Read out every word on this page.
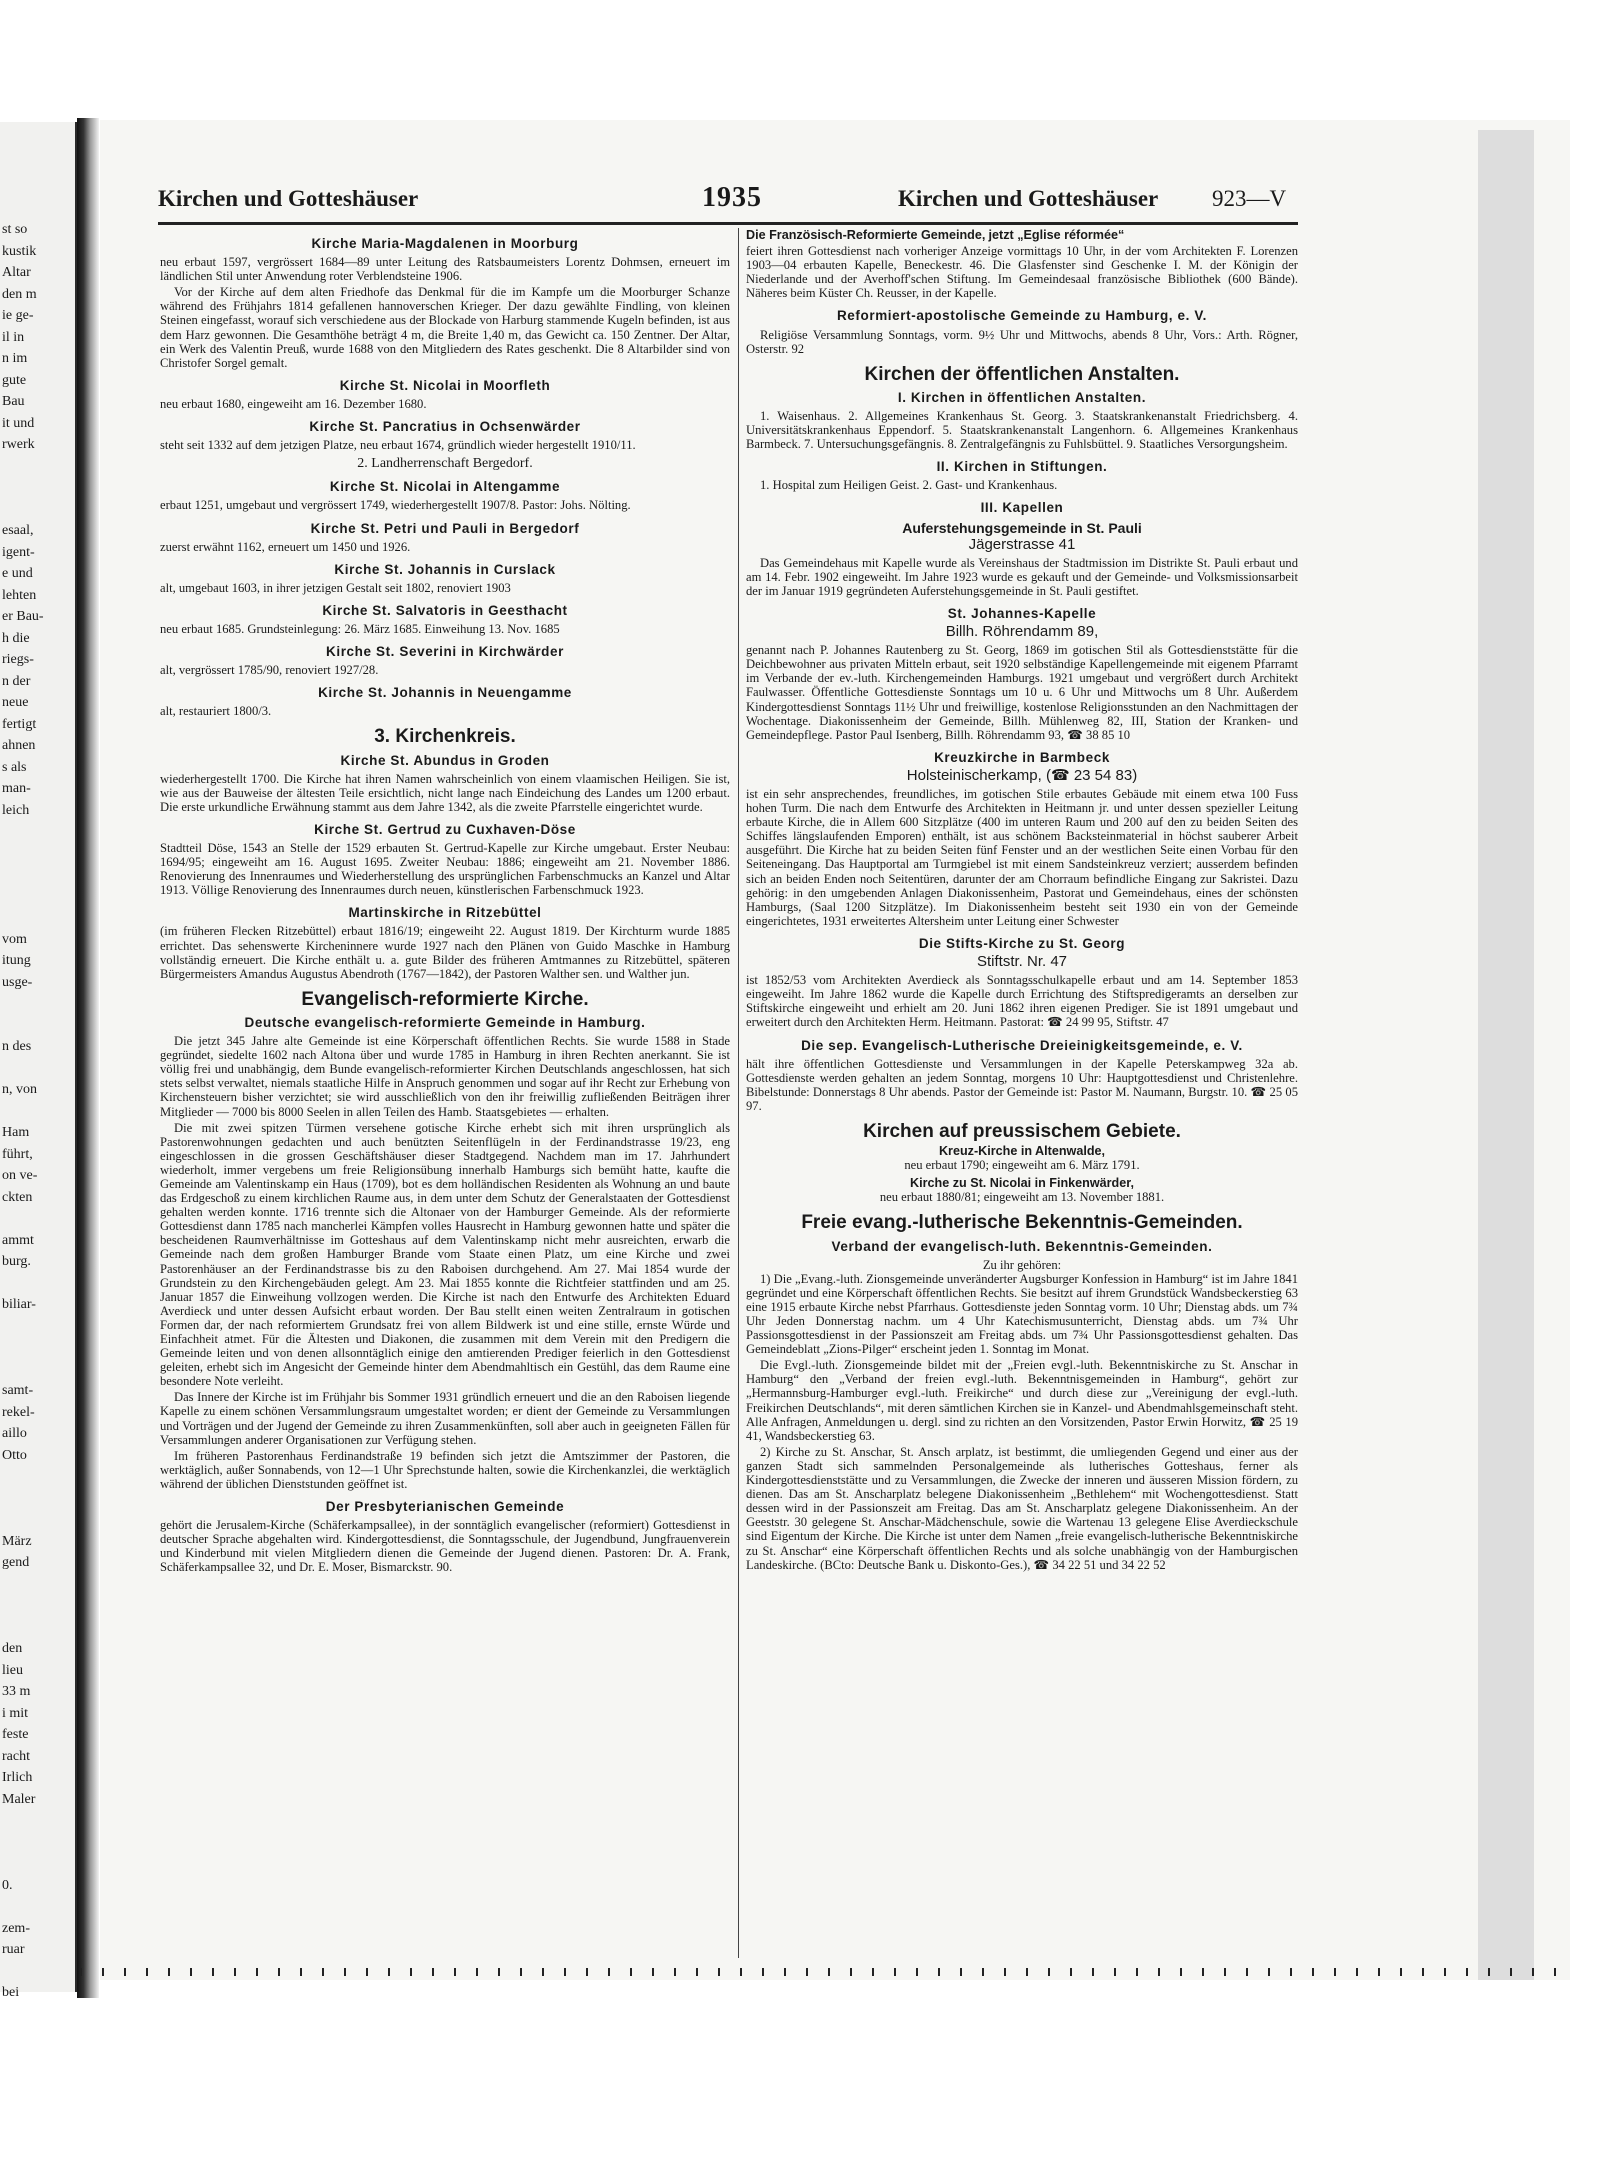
st so
kustik
Altar
den m
ie ge-
il in
n im
gute
Bau
it und
rwerk
esaal,
igent-
e und
lehten
er Bau-
h die
riegs-
n der
neue
fertigt
ahnen
s als
man-
leich
vom
itung
usge-
n des
n, von
Ham
führt,
on ve-
ckten
ammt
burg.
biliar-
samt-
rekel-
aillo
Otto
März
gend
den
lieu
33 m
i mit
feste
racht
Irlich
Maler
0.
zem-
ruar
bei
Kirchen und Gotteshäuser	1935	Kirchen und Gotteshäuser 923—V
Kirche Maria-Magdalenen in Moorburg

neu erbaut 1597, vergrössert 1684—89 unter Leitung des Ratsbaumeisters Lorentz Dohmsen, erneuert im ländlichen Stil unter Anwendung roter Verblendsteine 1906.

Vor der Kirche auf dem alten Friedhofe das Denkmal für die im Kampfe um die Moorburger Schanze während des Frühjahrs 1814 gefallenen hannoverschen Krieger. Der dazu gewählte Findling, von kleinen Steinen eingefasst, worauf sich verschiedene aus der Blockade von Harburg stammende Kugeln befinden, ist aus dem Harz gewonnen. Die Gesamthöhe beträgt 4 m, die Breite 1,40 m, das Gewicht ca. 150 Zentner. Der Altar, ein Werk des Valentin Preuß, wurde 1688 von den Mitgliedern des Rates geschenkt. Die 8 Altarbilder sind von Christofer Sorgel gemalt.

Kirche St. Nicolai in Moorfleth

neu erbaut 1680, eingeweiht am 16. Dezember 1680.

Kirche St. Pancratius in Ochsenwärder

steht seit 1332 auf dem jetzigen Platze, neu erbaut 1674, gründlich wieder hergestellt 1910/11.

2. Landherrenschaft Bergedorf.
Kirche St. Nicolai in Altengamme

erbaut 1251, umgebaut und vergrössert 1749, wiederhergestellt 1907/8. Pastor: Johs. Nölting.

Kirche St. Petri und Pauli in Bergedorf

zuerst erwähnt 1162, erneuert um 1450 und 1926.

Kirche St. Johannis in Curslack

alt, umgebaut 1603, in ihrer jetzigen Gestalt seit 1802, renoviert 1903

Kirche St. Salvatoris in Geesthacht

neu erbaut 1685. Grundsteinlegung: 26. März 1685. Einweihung 13. Nov. 1685

Kirche St. Severini in Kirchwärder

alt, vergrössert 1785/90, renoviert 1927/28.

Kirche St. Johannis in Neuengamme

alt, restauriert 1800/3.

3. Kirchenkreis.
Kirche St. Abundus in Groden

wiederhergestellt 1700. Die Kirche hat ihren Namen wahrscheinlich von einem vlaamischen Heiligen. Sie ist, wie aus der Bauweise der ältesten Teile ersichtlich, nicht lange nach Eindeichung des Landes um 1200 erbaut. Die erste urkundliche Erwähnung stammt aus dem Jahre 1342, als die zweite Pfarrstelle eingerichtet wurde.

Kirche St. Gertrud zu Cuxhaven-Döse

Stadtteil Döse, 1543 an Stelle der 1529 erbauten St. Gertrud-Kapelle zur Kirche umgebaut. Erster Neubau: 1694/95; eingeweiht am 16. August 1695. Zweiter Neubau: 1886; eingeweiht am 21. November 1886. Renovierung des Innenraumes und Wiederherstellung des ursprünglichen Farbenschmucks an Kanzel und Altar 1913. Völlige Renovierung des Innenraumes durch neuen, künstlerischen Farbenschmuck 1923.

Martinskirche in Ritzebüttel

(im früheren Flecken Ritzebüttel) erbaut 1816/19; eingeweiht 22. August 1819. Der Kirchturm wurde 1885 errichtet. Das sehenswerte Kircheninnere wurde 1927 nach den Plänen von Guido Maschke in Hamburg vollständig erneuert. Die Kirche enthält u. a. gute Bilder des früheren Amtmannes zu Ritzebüttel, späteren Bürgermeisters Amandus Augustus Abendroth (1767—1842), der Pastoren Walther sen. und Walther jun.

Evangelisch-reformierte Kirche.
Deutsche evangelisch-reformierte Gemeinde in Hamburg.

Die jetzt 345 Jahre alte Gemeinde ist eine Körperschaft öffentlichen Rechts. Sie wurde 1588 in Stade gegründet, siedelte 1602 nach Altona über und wurde 1785 in Hamburg in ihren Rechten anerkannt. Sie ist völlig frei und unabhängig, dem Bunde evangelisch-reformierter Kirchen Deutschlands angeschlossen, hat sich stets selbst verwaltet, niemals staatliche Hilfe in Anspruch genommen und sogar auf ihr Recht zur Erhebung von Kirchensteuern bisher verzichtet; sie wird ausschließlich von den ihr freiwillig zufließenden Beiträgen ihrer Mitglieder — 7000 bis 8000 Seelen in allen Teilen des Hamb. Staatsgebietes — erhalten.

Die mit zwei spitzen Türmen versehene gotische Kirche erhebt sich mit ihren ursprünglich als Pastorenwohnungen gedachten und auch benützten Seitenflügeln in der Ferdinandstrasse 19/23, eng eingeschlossen in die grossen Geschäftshäuser dieser Stadtgegend. Nachdem man im 17. Jahrhundert wiederholt, immer vergebens um freie Religionsübung innerhalb Hamburgs sich bemüht hatte, kaufte die Gemeinde am Valentinskamp ein Haus (1709), bot es dem holländischen Residenten als Wohnung an und baute das Erdgeschoß zu einem kirchlichen Raume aus, in dem unter dem Schutz der Generalstaaten der Gottesdienst gehalten werden konnte. 1716 trennte sich die Altonaer von der Hamburger Gemeinde. Als der reformierte Gottesdienst dann 1785 nach mancherlei Kämpfen volles Hausrecht in Hamburg gewonnen hatte und später die bescheidenen Raumverhältnisse im Gotteshaus auf dem Valentinskamp nicht mehr ausreichten, erwarb die Gemeinde nach dem großen Hamburger Brande vom Staate einen Platz, um eine Kirche und zwei Pastorenhäuser an der Ferdinandstrasse bis zu den Raboisen durchgehend. Am 27. Mai 1854 wurde der Grundstein zu den Kirchengebäuden gelegt. Am 23. Mai 1855 konnte die Richtfeier stattfinden und am 25. Januar 1857 die Einweihung vollzogen werden. Die Kirche ist nach den Entwurfe des Architekten Eduard Averdieck und unter dessen Aufsicht erbaut worden. Der Bau stellt einen weiten Zentralraum in gotischen Formen dar, der nach reformiertem Grundsatz frei von allem Bildwerk ist und eine stille, ernste Würde und Einfachheit atmet. Für die Ältesten und Diakonen, die zusammen mit dem Verein mit den Predigern die Gemeinde leiten und von denen allsonntäglich einige den amtierenden Prediger feierlich in den Gottesdienst geleiten, erhebt sich im Angesicht der Gemeinde hinter dem Abendmahltisch ein Gestühl, das dem Raume eine besondere Note verleiht.

Das Innere der Kirche ist im Frühjahr bis Sommer 1931 gründlich erneuert und die an den Raboisen liegende Kapelle zu einem schönen Versammlungsraum umgestaltet worden; er dient der Gemeinde zu Versammlungen und Vorträgen und der Jugend der Gemeinde zu ihren Zusammenkünften, soll aber auch in geeigneten Fällen für Versammlungen anderer Organisationen zur Verfügung stehen.

Im früheren Pastorenhaus Ferdinandstraße 19 befinden sich jetzt die Amtszimmer der Pastoren, die werktäglich, außer Sonnabends, von 12—1 Uhr Sprechstunde halten, sowie die Kirchenkanzlei, die werktäglich während der üblichen Dienststunden geöffnet ist.

Der Presbyterianischen Gemeinde

gehört die Jerusalem-Kirche (Schäferkampsallee), in der sonntäglich evangelischer (reformiert) Gottesdienst in deutscher Sprache abgehalten wird. Kindergottesdienst, die Sonntagsschule, der Jugendbund, Jungfrauenverein und Kinderbund mit vielen Mitgliedern dienen die Gemeinde der Jugend dienen. Pastoren: Dr. A. Frank, Schäferkampsallee 32, und Dr. E. Moser, Bismarckstr. 90.

Die Französisch-Reformierte Gemeinde, jetzt „Eglise réformée“

feiert ihren Gottesdienst nach vorheriger Anzeige vormittags 10 Uhr, in der vom Architekten F. Lorenzen 1903—04 erbauten Kapelle, Beneckestr. 46. Die Glasfenster sind Geschenke I. M. der Königin der Niederlande und der Averhoff'schen Stiftung. Im Gemeindesaal französische Bibliothek (600 Bände). Näheres beim Küster Ch. Reusser, in der Kapelle.

Reformiert-apostolische Gemeinde zu Hamburg, e. V.

Religiöse Versammlung Sonntags, vorm. 9½ Uhr und Mittwochs, abends 8 Uhr, Vors.: Arth. Rögner, Osterstr. 92

Kirchen der öffentlichen Anstalten.
I. Kirchen in öffentlichen Anstalten.

1. Waisenhaus. 2. Allgemeines Krankenhaus St. Georg. 3. Staatskrankenanstalt Friedrichsberg. 4. Universitätskrankenhaus Eppendorf. 5. Staatskrankenanstalt Langenhorn. 6. Allgemeines Krankenhaus Barmbeck. 7. Untersuchungsgefängnis. 8. Zentralgefängnis zu Fuhlsbüttel. 9. Staatliches Versorgungsheim.

II. Kirchen in Stiftungen.

1. Hospital zum Heiligen Geist. 2. Gast- und Krankenhaus.

III. Kapellen
Auferstehungsgemeinde in St. Pauli
Jägerstrasse 41

Das Gemeindehaus mit Kapelle wurde als Vereinshaus der Stadtmission im Distrikte St. Pauli erbaut und am 14. Febr. 1902 eingeweiht. Im Jahre 1923 wurde es gekauft und der Gemeinde- und Volksmissionsarbeit der im Januar 1919 gegründeten Auferstehungsgemeinde in St. Pauli gestiftet.

St. Johannes-Kapelle
Billh. Röhrendamm 89,

genannt nach P. Johannes Rautenberg zu St. Georg, 1869 im gotischen Stil als Gottesdienststätte für die Deichbewohner aus privaten Mitteln erbaut, seit 1920 selbständige Kapellengemeinde mit eigenem Pfarramt im Verbande der ev.-luth. Kirchengemeinden Hamburgs. 1921 umgebaut und vergrößert durch Architekt Faulwasser. Öffentliche Gottesdienste Sonntags um 10 u. 6 Uhr und Mittwochs um 8 Uhr. Außerdem Kindergottesdienst Sonntags 11½ Uhr und freiwillige, kostenlose Religionsstunden an den Nachmittagen der Wochentage. Diakonissenheim der Gemeinde, Billh. Mühlenweg 82, III, Station der Kranken- und Gemeindepflege. Pastor Paul Isenberg, Billh. Röhrendamm 93, ☎ 38 85 10

Kreuzkirche in Barmbeck
Holsteinischerkamp, (☎ 23 54 83)

ist ein sehr ansprechendes, freundliches, im gotischen Stile erbautes Gebäude mit einem etwa 100 Fuss hohen Turm. Die nach dem Entwurfe des Architekten in Heitmann jr. und unter dessen spezieller Leitung erbaute Kirche, die in Allem 600 Sitzplätze (400 im unteren Raum und 200 auf den zu beiden Seiten des Schiffes längslaufenden Emporen) enthält, ist aus schönem Backsteinmaterial in höchst sauberer Arbeit ausgeführt. Die Kirche hat zu beiden Seiten fünf Fenster und an der westlichen Seite einen Vorbau für den Seiteneingang. Das Hauptportal am Turmgiebel ist mit einem Sandsteinkreuz verziert; ausserdem befinden sich an beiden Enden noch Seitentüren, darunter der am Chorraum befindliche Eingang zur Sakristei. Dazu gehörig: in den umgebenden Anlagen Diakonissenheim, Pastorat und Gemeindehaus, eines der schönsten Hamburgs, (Saal 1200 Sitzplätze). Im Diakonissenheim besteht seit 1930 ein von der Gemeinde eingerichtetes, 1931 erweitertes Altersheim unter Leitung einer Schwester

Die Stifts-Kirche zu St. Georg
Stiftstr. Nr. 47

ist 1852/53 vom Architekten Averdieck als Sonntagsschulkapelle erbaut und am 14. September 1853 eingeweiht. Im Jahre 1862 wurde die Kapelle durch Errichtung des Stiftspredigeramts an derselben zur Stiftskirche eingeweiht und erhielt am 20. Juni 1862 ihren eigenen Prediger. Sie ist 1891 umgebaut und erweitert durch den Architekten Herm. Heitmann. Pastorat: ☎ 24 99 95, Stiftstr. 47

Die sep. Evangelisch-Lutherische Dreieinigkeitsgemeinde, e. V.

hält ihre öffentlichen Gottesdienste und Versammlungen in der Kapelle Peterskampweg 32a ab. Gottesdienste werden gehalten an jedem Sonntag, morgens 10 Uhr: Hauptgottesdienst und Christenlehre. Bibelstunde: Donnerstags 8 Uhr abends. Pastor der Gemeinde ist: Pastor M. Naumann, Burgstr. 10. ☎ 25 05 97.

Kirchen auf preussischem Gebiete.
Kreuz-Kirche in Altenwalde,
neu erbaut 1790; eingeweiht am 6. März 1791.
Kirche zu St. Nicolai in Finkenwärder,
neu erbaut 1880/81; eingeweiht am 13. November 1881.
Freie evang.-lutherische Bekenntnis-Gemeinden.
Verband der evangelisch-luth. Bekenntnis-Gemeinden.
Zu ihr gehören:

1) Die „Evang.-luth. Zionsgemeinde unveränderter Augsburger Konfession in Hamburg“ ist im Jahre 1841 gegründet und eine Körperschaft öffentlichen Rechts. Sie besitzt auf ihrem Grundstück Wandsbeckerstieg 63 eine 1915 erbaute Kirche nebst Pfarrhaus. Gottesdienste jeden Sonntag vorm. 10 Uhr; Dienstag abds. um 7¾ Uhr Jeden Donnerstag nachm. um 4 Uhr Katechismusunterricht, Dienstag abds. um 7¾ Uhr Passionsgottesdienst in der Passionszeit am Freitag abds. um 7¾ Uhr Passionsgottesdienst gehalten. Das Gemeindeblatt „Zions-Pilger“ erscheint jeden 1. Sonntag im Monat.

Die Evgl.-luth. Zionsgemeinde bildet mit der „Freien evgl.-luth. Bekenntniskirche zu St. Anschar in Hamburg“ den „Verband der freien evgl.-luth. Bekenntnisgemeinden in Hamburg“, gehört zur „Hermannsburg-Hamburger evgl.-luth. Freikirche“ und durch diese zur „Vereinigung der evgl.-luth. Freikirchen Deutschlands“, mit deren sämtlichen Kirchen sie in Kanzel- und Abendmahlsgemeinschaft steht. Alle Anfragen, Anmeldungen u. dergl. sind zu richten an den Vorsitzenden, Pastor Erwin Horwitz, ☎ 25 19 41, Wandsbeckerstieg 63.

2) Kirche zu St. Anschar, St. Ansch arplatz, ist bestimmt, die umliegenden Gegend und einer aus der ganzen Stadt sich sammelnden Personalgemeinde als lutherisches Gotteshaus, ferner als Kindergottesdienststätte und zu Versammlungen, die Zwecke der inneren und äusseren Mission fördern, zu dienen. Das am St. Anscharplatz belegene Diakonissenheim „Bethlehem“ mit Wochengottesdienst. Statt dessen wird in der Passionszeit am Freitag. Das am St. Anscharplatz gelegene Diakonissenheim. An der Geeststr. 30 gelegene St. Anschar-Mädchenschule, sowie die Wartenau 13 gelegene Elise Averdieckschule sind Eigentum der Kirche. Die Kirche ist unter dem Namen „freie evangelisch-lutherische Bekenntniskirche zu St. Anschar“ eine Körperschaft öffentlichen Rechts und als solche unabhängig von der Hamburgischen Landeskirche. (BCto: Deutsche Bank u. Diskonto-Ges.), ☎ 34 22 51 und 34 22 52
